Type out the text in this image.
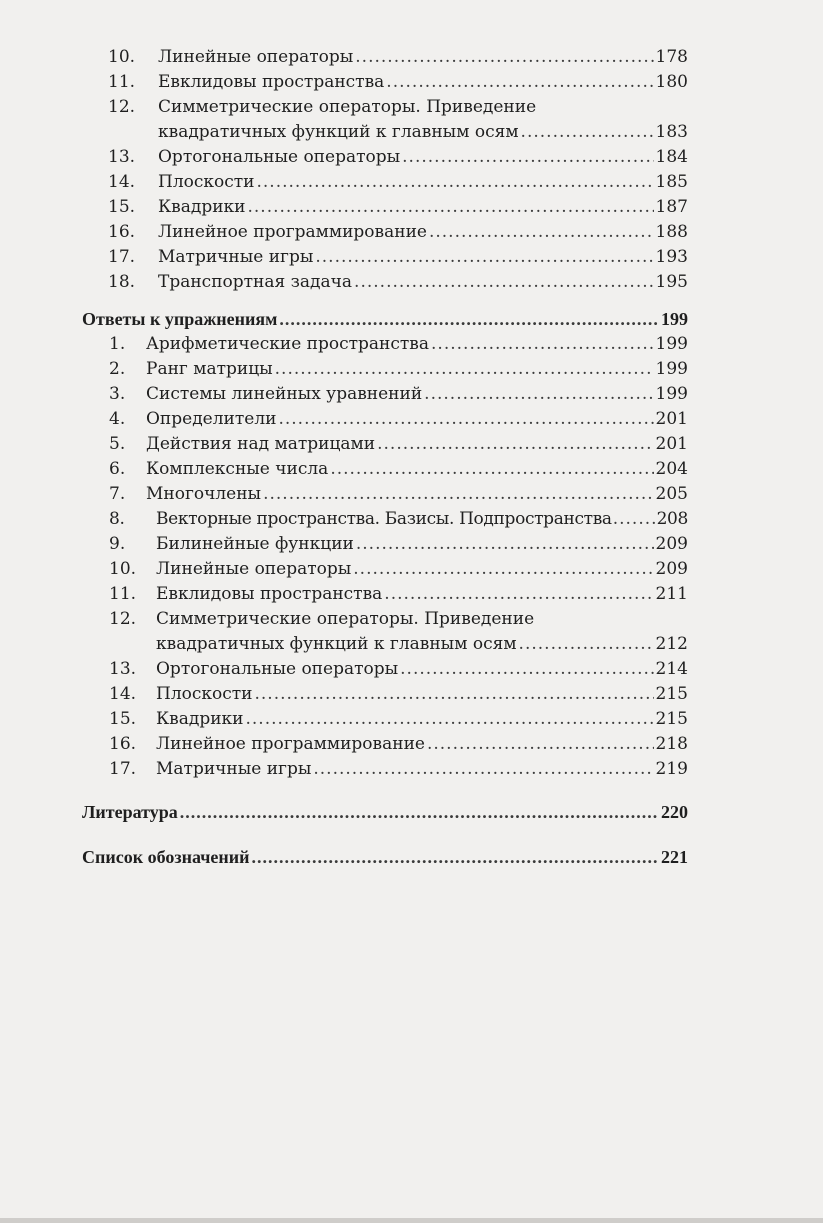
10.	Линейные операторы .....	178
11.	Евклидовы пространства .....	180
12.	Симметрические операторы. Приведение
квадратичных функций к главным осям .....	183
13.	Ортогональные операторы .....	184
14.	Плоскости .....	185
15.	Квадрики .....	187
16.	Линейное программирование .....	188
17.	Матричные игры .....	193
18.	Транспортная задача .....	195
Ответы к упражнениям .....	199
1.	Арифметические пространства .....	199
2.	Ранг матрицы .....	199
3.	Системы линейных уравнений .....	199
4.	Определители .....	201
5.	Действия над матрицами .....	201
6.	Комплексные числа .....	204
7.	Многочлены .....	205
8.	Векторные пространства. Базисы. Подпространства .....	208
9.	Билинейные функции .....	209
10.	Линейные операторы .....	209
11.	Евклидовы пространства .....	211
12.	Симметрические операторы. Приведение
квадратичных функций к главным осям .....	212
13.	Ортогональные операторы .....	214
14.	Плоскости .....	215
15.	Квадрики .....	215
16.	Линейное программирование .....	218
17.	Матричные игры .....	219
Литература .....	220
Список обозначений .....	221
